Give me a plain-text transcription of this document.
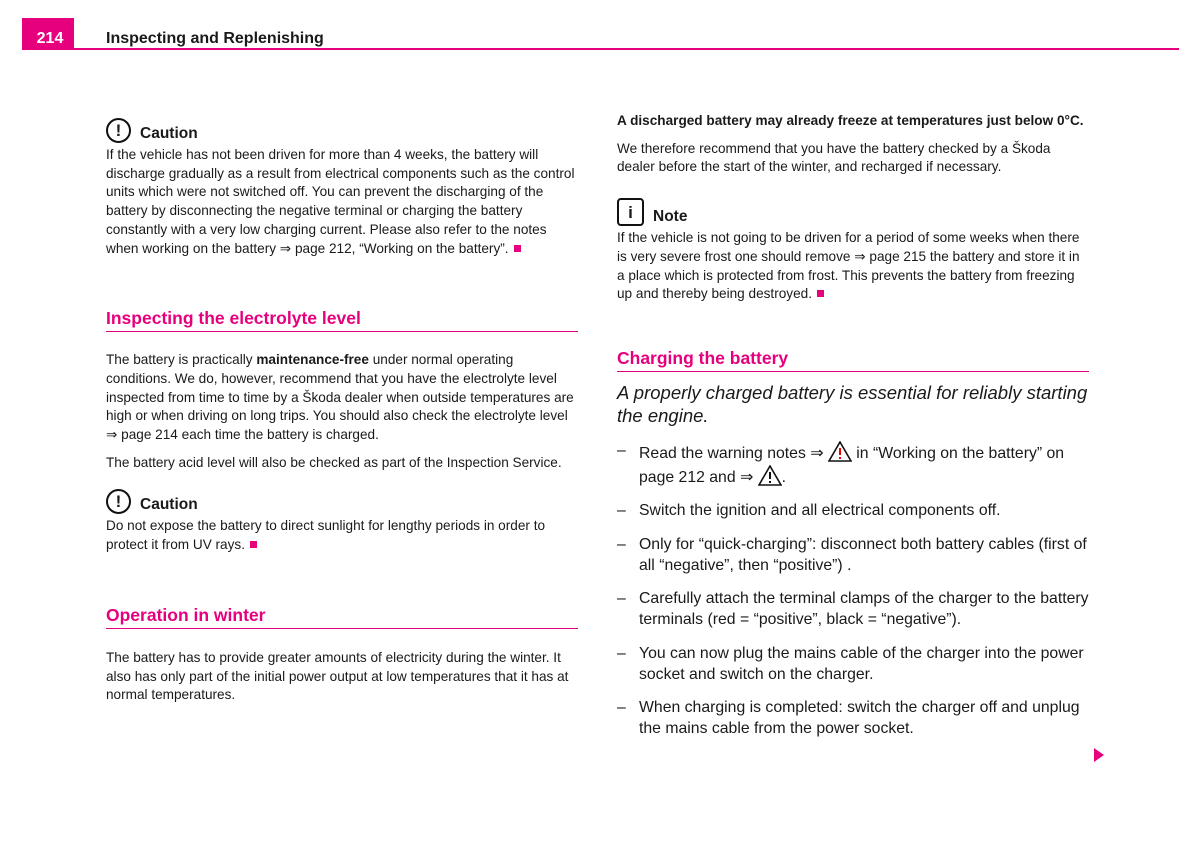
214	Inspecting and Replenishing
!	Caution

If the vehicle has not been driven for more than 4 weeks, the battery will discharge gradually as a result from electrical components such as the control units which were not switched off. You can prevent the discharging of the battery by disconnecting the negative terminal or charging the battery constantly with a very low charging current. Please also refer to the notes when working on the battery ⇒ page 212, “Working on the battery”.

Inspecting the electrolyte level

The battery is practically maintenance-free under normal operating conditions. We do, however, recommend that you have the electrolyte level inspected from time to time by a Škoda dealer when outside temperatures are high or when driving on long trips. You should also check the electrolyte level ⇒ page 214 each time the battery is charged.

The battery acid level will also be checked as part of the Inspection Service.

!	Caution

Do not expose the battery to direct sunlight for lengthy periods in order to protect it from UV rays.

Operation in winter

The battery has to provide greater amounts of electricity during the winter. It also has only part of the initial power output at low temperatures that it has at normal temperatures.

A discharged battery may already freeze at temperatures just below 0°C.

We therefore recommend that you have the battery checked by a Škoda dealer before the start of the winter, and recharged if necessary.

i	Note

If the vehicle is not going to be driven for a period of some weeks when there is very severe frost one should remove ⇒ page 215 the battery and store it in a place which is protected from frost. This prevents the battery from freezing up and thereby being destroyed.

Charging the battery

A properly charged battery is essential for reliably starting the engine.

– Read the warning notes ⇒  in “Working on the battery” on page 212 and ⇒ .
– Switch the ignition and all electrical components off.
– Only for “quick-charging”: disconnect both battery cables (first of all “negative”, then “positive”) .
– Carefully attach the terminal clamps of the charger to the battery terminals (red = “positive”, black = “negative”).
– You can now plug the mains cable of the charger into the power socket and switch on the charger.
– When charging is completed: switch the charger off and unplug the mains cable from the power socket.
